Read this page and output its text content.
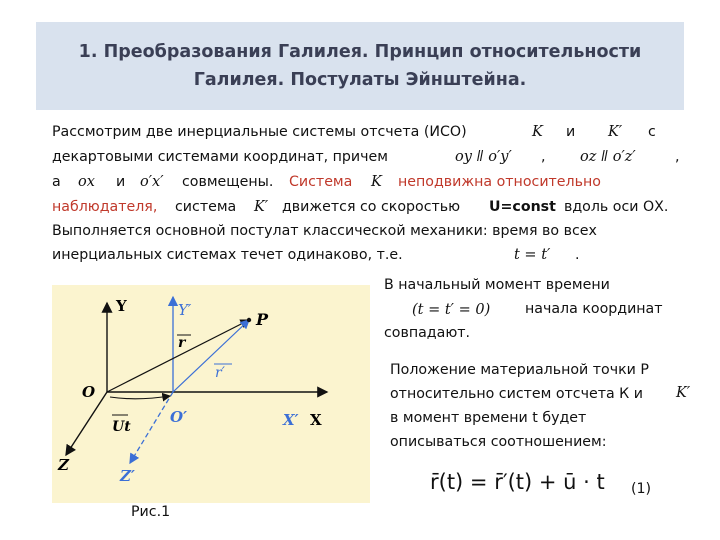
1. Преобразования Галилея. Принцип относительности
Галилея. Постулаты Эйнштейна.
Рассмотрим две инерциальные системы отсчета (ИСО)	K и K′ с
декартовыми системами координат, причем	oy ǁ o′y′ , oz ǁ o′z′	,
а ox и o′x′ совмещены. Система K неподвижна относительно
наблюдателя, система K′ движется со скоростью U=const вдоль оси ОХ.
Выполняется основной постулат классической механики: время во всех
инерциальных системах течет одинаково, т.е.	t = t′ .
В начальный момент времени
(t = t′ = 0) начала координат
совпадают.
Положение материальной точки Р
относительно систем отсчета К и K′
в момент времени t будет
описываться соотношением:
r̄(t) = r̄′(t) + ū · t (1)
Y	Y′	P
r
r′
O
O′
Ut	X′ X
Z
Z′
Рис.1
